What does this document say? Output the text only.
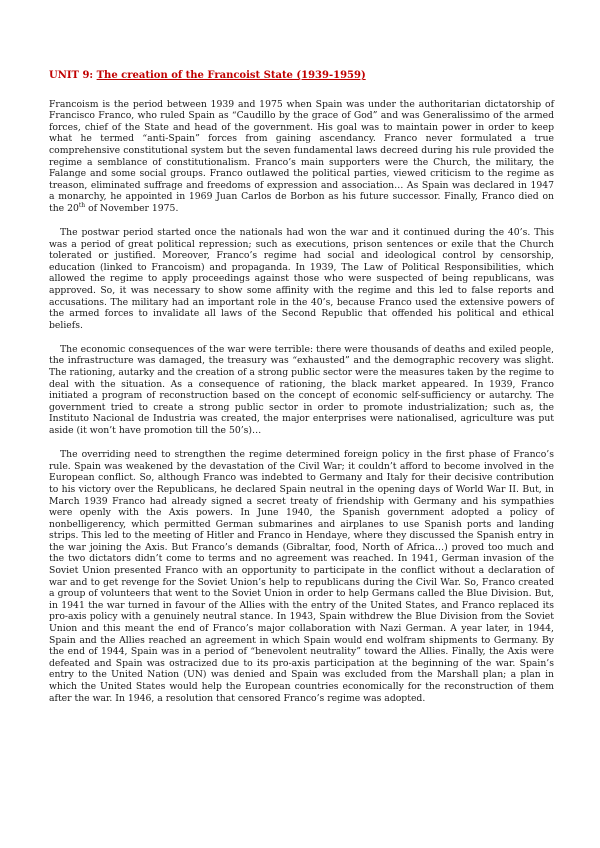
UNIT 9: The creation of the Francoist State (1939-1959)

Francoism is the period between 1939 and 1975 when Spain was under the authoritarian dictatorship of Francisco Franco, who ruled Spain as “Caudillo by the grace of God” and was Generalissimo of the armed forces, chief of the State and head of the government. His goal was to maintain power in order to keep what he termed “anti-Spain” forces from gaining ascendancy. Franco never formulated a true comprehensive constitutional system but the seven fundamental laws decreed during his rule provided the regime a semblance of constitutionalism. Franco’s main supporters were the Church, the military, the Falange and some social groups. Franco outlawed the political parties, viewed criticism to the regime as treason, eliminated suffrage and freedoms of expression and association… As Spain was declared in 1947 a monarchy, he appointed in 1969 Juan Carlos de Borbon as his future successor. Finally, Franco died on the 20th of November 1975.

The postwar period started once the nationals had won the war and it continued during the 40’s. This was a period of great political repression; such as executions, prison sentences or exile that the Church tolerated or justified. Moreover, Franco’s regime had social and ideological control by censorship, education (linked to Francoism) and propaganda. In 1939, The Law of Political Responsibilities, which allowed the regime to apply proceedings against those who were suspected of being republicans, was approved. So, it was necessary to show some affinity with the regime and this led to false reports and accusations. The military had an important role in the 40’s, because Franco used the extensive powers of the armed forces to invalidate all laws of the Second Republic that offended his political and ethical beliefs.

The economic consequences of the war were terrible: there were thousands of deaths and exiled people, the infrastructure was damaged, the treasury was “exhausted” and the demographic recovery was slight. The rationing, autarky and the creation of a strong public sector were the measures taken by the regime to deal with the situation. As a consequence of rationing, the black market appeared. In 1939, Franco initiated a program of reconstruction based on the concept of economic self-sufficiency or autarchy. The government tried to create a strong public sector in order to promote industrialization; such as, the Instituto Nacional de Industria was created, the major enterprises were nationalised, agriculture was put aside (it won’t have promotion till the 50’s)…

The overriding need to strengthen the regime determined foreign policy in the first phase of Franco’s rule. Spain was weakened by the devastation of the Civil War; it couldn’t afford to become involved in the European conflict. So, although Franco was indebted to Germany and Italy for their decisive contribution to his victory over the Republicans, he declared Spain neutral in the opening days of World War II. But, in March 1939 Franco had already signed a secret treaty of friendship with Germany and his sympathies were openly with the Axis powers. In June 1940, the Spanish government adopted a policy of nonbelligerency, which permitted German submarines and airplanes to use Spanish ports and landing strips. This led to the meeting of Hitler and Franco in Hendaye, where they discussed the Spanish entry in the war joining the Axis. But Franco’s demands (Gibraltar, food, North of Africa…) proved too much and the two dictators didn’t come to terms and no agreement was reached. In 1941, German invasion of the Soviet Union presented Franco with an opportunity to participate in the conflict without a declaration of war and to get revenge for the Soviet Union’s help to republicans during the Civil War. So, Franco created a group of volunteers that went to the Soviet Union in order to help Germans called the Blue Division. But, in 1941 the war turned in favour of the Allies with the entry of the United States, and Franco replaced its pro-axis policy with a genuinely neutral stance. In 1943, Spain withdrew the Blue Division from the Soviet Union and this meant the end of Franco’s major collaboration with Nazi German. A year later, in 1944, Spain and the Allies reached an agreement in which Spain would end wolfram shipments to Germany. By the end of 1944, Spain was in a period of “benevolent neutrality” toward the Allies. Finally, the Axis were defeated and Spain was ostracized due to its pro-axis participation at the beginning of the war. Spain’s entry to the United Nation (UN) was denied and Spain was excluded from the Marshall plan; a plan in which the United States would help the European countries economically for the reconstruction of them after the war. In 1946, a resolution that censored Franco’s regime was adopted.
